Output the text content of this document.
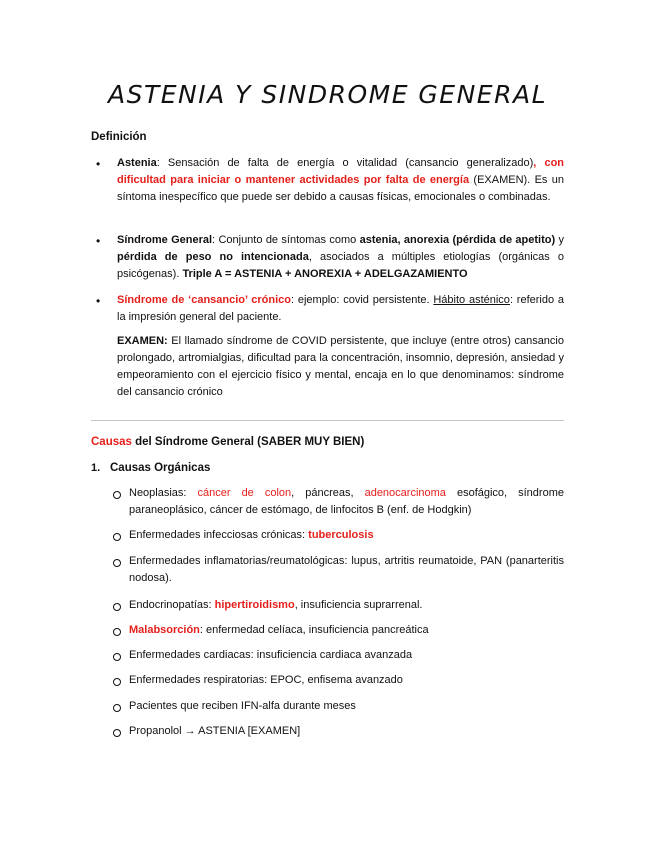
ASTENIA Y SINDROME GENERAL

Definición

•	Astenia: Sensación de falta de energía o vitalidad (cansancio generalizado), con dificultad para iniciar o mantener actividades por falta de energía (EXAMEN). Es un síntoma inespecífico que puede ser debido a causas físicas, emocionales o combinadas.

•	Síndrome General: Conjunto de síntomas como astenia, anorexia (pérdida de apetito) y pérdida de peso no intencionada, asociados a múltiples etiologías (orgánicas o psicógenas). Triple A = ASTENIA + ANOREXIA + ADELGAZAMIENTO

•	Síndrome de ‘cansancio’ crónico: ejemplo: covid persistente. Hábito asténico: referido a la impresión general del paciente.

EXAMEN: El llamado síndrome de COVID persistente, que incluye (entre otros) cansancio prolongado, artromialgias, dificultad para la concentración, insomnio, depresión, ansiedad y empeoramiento con el ejercicio físico y mental, encaja en lo que denominamos: síndrome del cansancio crónico

Causas del Síndrome General (SABER MUY BIEN)

1. Causas Orgánicas

Neoplasias: cáncer de colon, páncreas, adenocarcinoma esofágico, síndrome paraneoplásico, cáncer de estómago, de linfocitos B (enf. de Hodgkin)

Enfermedades infecciosas crónicas: tuberculosis

Enfermedades inflamatorias/reumatológicas: lupus, artritis reumatoide, PAN (panarteritis nodosa).

Endocrinopatías: hipertiroidismo, insuficiencia suprarrenal.

Malabsorción: enfermedad celíaca, insuficiencia pancreática

Enfermedades cardiacas: insuficiencia cardiaca avanzada

Enfermedades respiratorias: EPOC, enfisema avanzado

Pacientes que reciben IFN-alfa durante meses

Propanolol → ASTENIA [EXAMEN]
